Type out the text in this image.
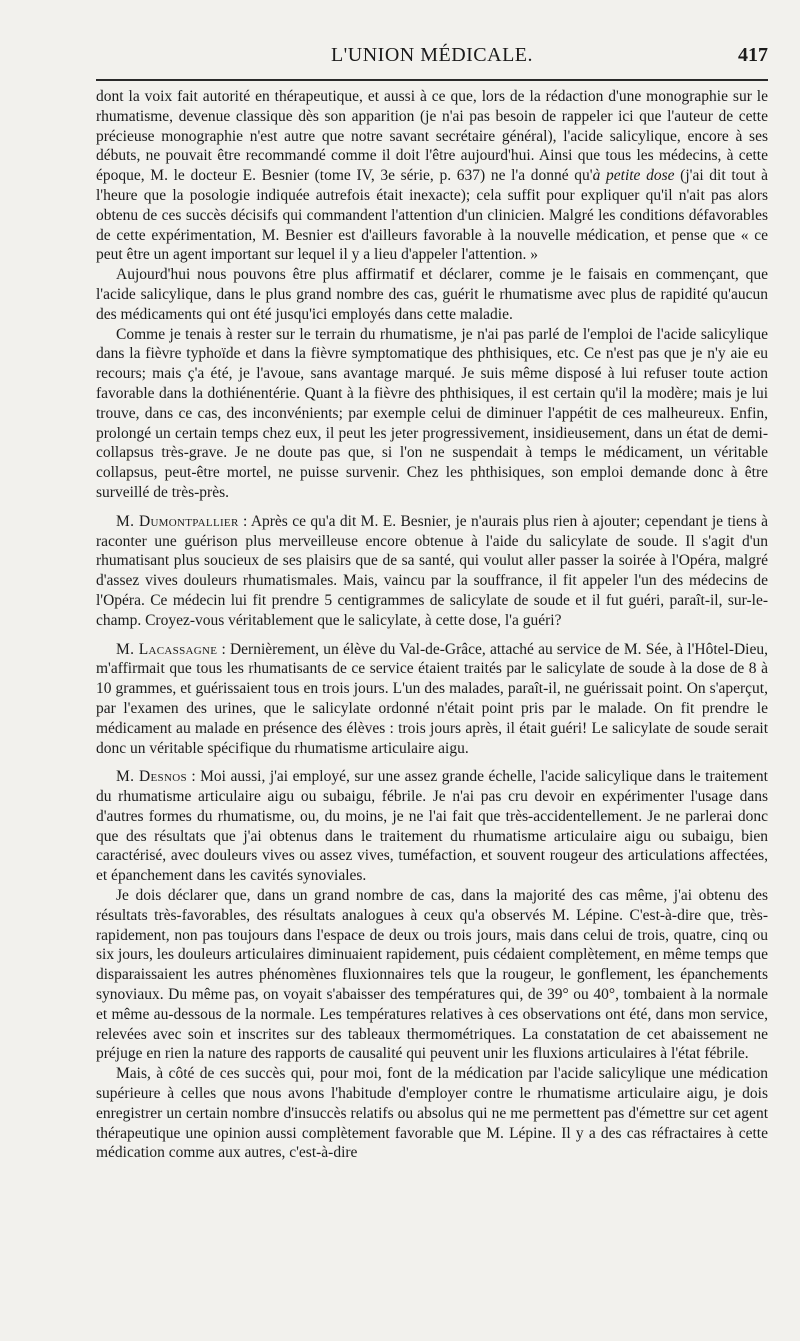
L'UNION MÉDICALE.	417

dont la voix fait autorité en thérapeutique, et aussi à ce que, lors de la rédaction d'une monographie sur le rhumatisme, devenue classique dès son apparition (je n'ai pas besoin de rappeler ici que l'auteur de cette précieuse monographie n'est autre que notre savant secrétaire général), l'acide salicylique, encore à ses débuts, ne pouvait être recommandé comme il doit l'être aujourd'hui. Ainsi que tous les médecins, à cette époque, M. le docteur E. Besnier (tome IV, 3e série, p. 637) ne l'a donné qu'à petite dose (j'ai dit tout à l'heure que la posologie indiquée autrefois était inexacte); cela suffit pour expliquer qu'il n'ait pas alors obtenu de ces succès décisifs qui commandent l'attention d'un clinicien. Malgré les conditions défavorables de cette expérimentation, M. Besnier est d'ailleurs favorable à la nouvelle médication, et pense que « ce peut être un agent important sur lequel il y a lieu d'appeler l'attention. »

Aujourd'hui nous pouvons être plus affirmatif et déclarer, comme je le faisais en commençant, que l'acide salicylique, dans le plus grand nombre des cas, guérit le rhumatisme avec plus de rapidité qu'aucun des médicaments qui ont été jusqu'ici employés dans cette maladie.

Comme je tenais à rester sur le terrain du rhumatisme, je n'ai pas parlé de l'emploi de l'acide salicylique dans la fièvre typhoïde et dans la fièvre symptomatique des phthisiques, etc. Ce n'est pas que je n'y aie eu recours; mais ç'a été, je l'avoue, sans avantage marqué. Je suis même disposé à lui refuser toute action favorable dans la dothiénentérie. Quant à la fièvre des phthisiques, il est certain qu'il la modère; mais je lui trouve, dans ce cas, des inconvénients; par exemple celui de diminuer l'appétit de ces malheureux. Enfin, prolongé un certain temps chez eux, il peut les jeter progressivement, insidieusement, dans un état de demi-collapsus très-grave. Je ne doute pas que, si l'on ne suspendait à temps le médicament, un véritable collapsus, peut-être mortel, ne puisse survenir. Chez les phthisiques, son emploi demande donc à être surveillé de très-près.

M. Dumontpallier : Après ce qu'a dit M. E. Besnier, je n'aurais plus rien à ajouter; cependant je tiens à raconter une guérison plus merveilleuse encore obtenue à l'aide du salicylate de soude. Il s'agit d'un rhumatisant plus soucieux de ses plaisirs que de sa santé, qui voulut aller passer la soirée à l'Opéra, malgré d'assez vives douleurs rhumatismales. Mais, vaincu par la souffrance, il fit appeler l'un des médecins de l'Opéra. Ce médecin lui fit prendre 5 centigrammes de salicylate de soude et il fut guéri, paraît-il, sur-le-champ. Croyez-vous véritablement que le salicylate, à cette dose, l'a guéri?

M. Lacassagne : Dernièrement, un élève du Val-de-Grâce, attaché au service de M. Sée, à l'Hôtel-Dieu, m'affirmait que tous les rhumatisants de ce service étaient traités par le salicylate de soude à la dose de 8 à 10 grammes, et guérissaient tous en trois jours. L'un des malades, paraît-il, ne guérissait point. On s'aperçut, par l'examen des urines, que le salicylate ordonné n'était point pris par le malade. On fit prendre le médicament au malade en présence des élèves : trois jours après, il était guéri! Le salicylate de soude serait donc un véritable spécifique du rhumatisme articulaire aigu.

M. Desnos : Moi aussi, j'ai employé, sur une assez grande échelle, l'acide salicylique dans le traitement du rhumatisme articulaire aigu ou subaigu, fébrile. Je n'ai pas cru devoir en expérimenter l'usage dans d'autres formes du rhumatisme, ou, du moins, je ne l'ai fait que très-accidentellement. Je ne parlerai donc que des résultats que j'ai obtenus dans le traitement du rhumatisme articulaire aigu ou subaigu, bien caractérisé, avec douleurs vives ou assez vives, tuméfaction, et souvent rougeur des articulations affectées, et épanchement dans les cavités synoviales.

Je dois déclarer que, dans un grand nombre de cas, dans la majorité des cas même, j'ai obtenu des résultats très-favorables, des résultats analogues à ceux qu'a observés M. Lépine. C'est-à-dire que, très-rapidement, non pas toujours dans l'espace de deux ou trois jours, mais dans celui de trois, quatre, cinq ou six jours, les douleurs articulaires diminuaient rapidement, puis cédaient complètement, en même temps que disparaissaient les autres phénomènes fluxionnaires tels que la rougeur, le gonflement, les épanchements synoviaux. Du même pas, on voyait s'abaisser des températures qui, de 39° ou 40°, tombaient à la normale et même au-dessous de la normale. Les températures relatives à ces observations ont été, dans mon service, relevées avec soin et inscrites sur des tableaux thermométriques. La constatation de cet abaissement ne préjuge en rien la nature des rapports de causalité qui peuvent unir les fluxions articulaires à l'état fébrile.

Mais, à côté de ces succès qui, pour moi, font de la médication par l'acide salicylique une médication supérieure à celles que nous avons l'habitude d'employer contre le rhumatisme articulaire aigu, je dois enregistrer un certain nombre d'insuccès relatifs ou absolus qui ne me permettent pas d'émettre sur cet agent thérapeutique une opinion aussi complètement favorable que M. Lépine. Il y a des cas réfractaires à cette médication comme aux autres, c'est-à-dire
